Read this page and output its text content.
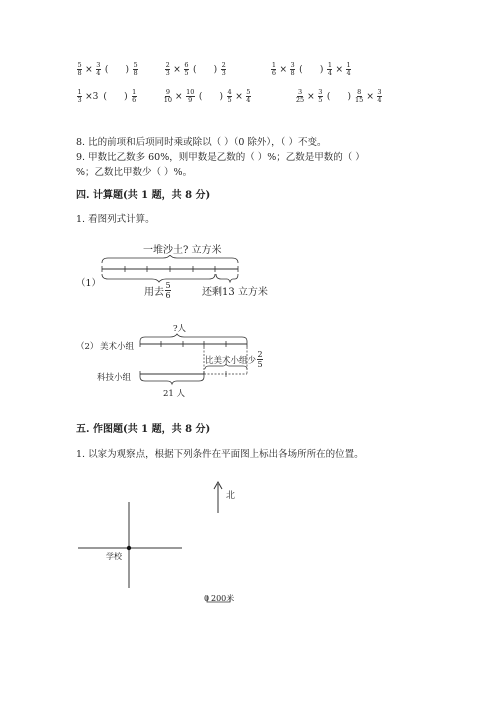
$\frac{5}{8} \times \frac{3}{4}$ (      ) $\frac{5}{8}$	$\frac{2}{3} \times \frac{6}{5}$ (      ) $\frac{2}{3}$	$\frac{1}{6} \times \frac{3}{8}$ (      ) $\frac{1}{4} \times \frac{1}{4}$
$\frac{1}{3} \times 3$ (      ) $\frac{1}{6}$	$\frac{9}{10} \times \frac{10}{9}$ (      ) $\frac{4}{5} \times \frac{5}{4}$	$\frac{3}{25} \times \frac{3}{5}$ (      ) $\frac{8}{15} \times \frac{3}{4}$
8. 比的前项和后项同时乘或除以（ ）（0 除外），（ ）不变。
9. 甲数比乙数多 60%，则甲数是乙数的（ ）%；乙数是甲数的（ ）
%；乙数比甲数少（ ）%。
四. 计算题(共 1 题，共 8 分)
1. 看图列式计算。
（1）
一堆沙土? 立方米
用去 $\frac{5}{6}$	还剩13 立方米
（2） 美术小组
科技小组
?人
比美术小组少 $\frac{2}{5}$
21 人
五. 作图题(共 1 题，共 8 分)
1. 以家为观察点，根据下列条件在平面图上标出各场所所在的位置。
北
学校
0 200米
